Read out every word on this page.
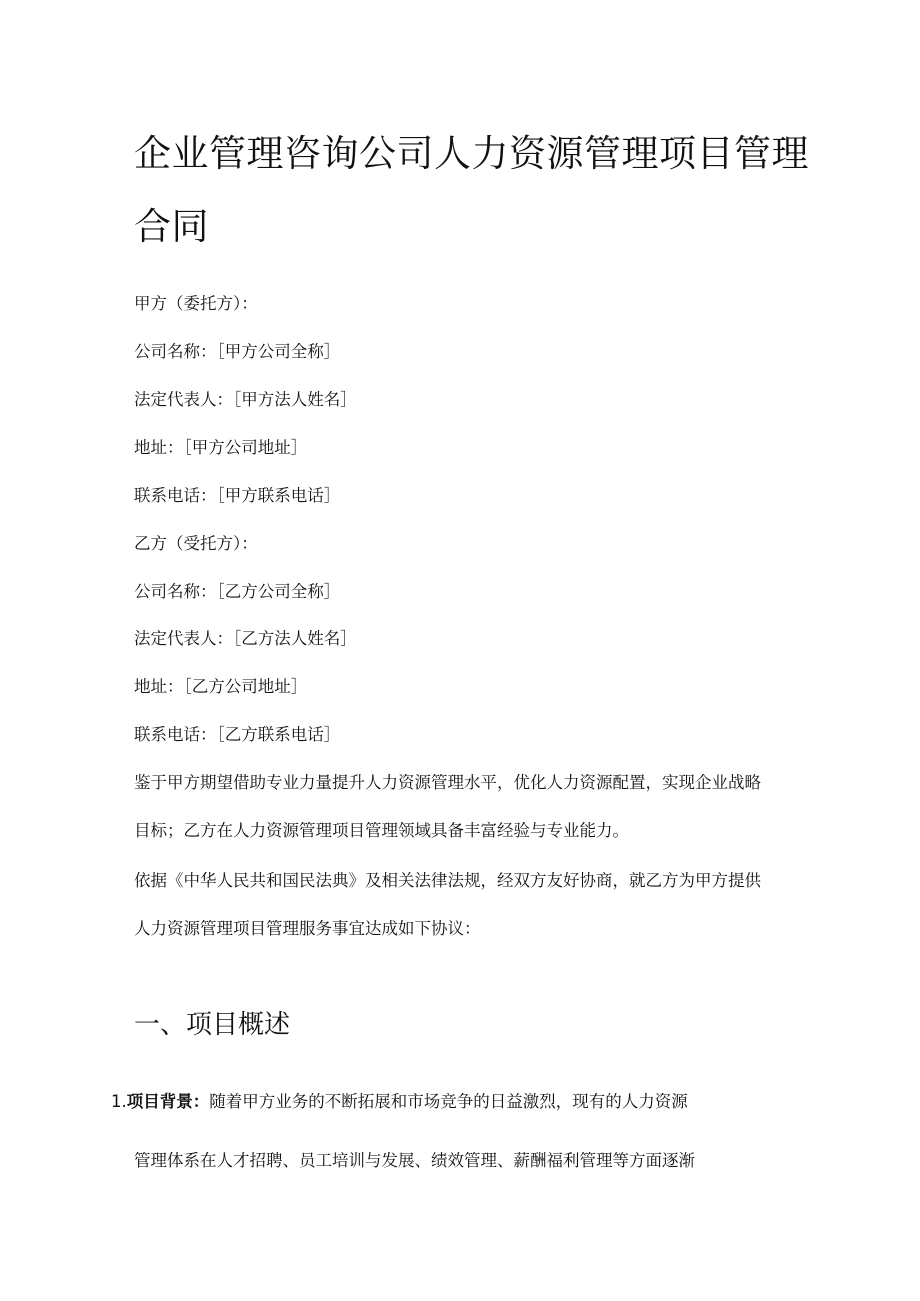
企业管理咨询公司人力资源管理项目管理
合同
甲方（委托方）：
公司名称：［甲方公司全称］
法定代表人：［甲方法人姓名］
地址：［甲方公司地址］
联系电话：［甲方联系电话］
乙方（受托方）：
公司名称：［乙方公司全称］
法定代表人：［乙方法人姓名］
地址：［乙方公司地址］
联系电话：［乙方联系电话］
鉴于甲方期望借助专业力量提升人力资源管理水平，优化人力资源配置，实现企业战略
目标；乙方在人力资源管理项目管理领域具备丰富经验与专业能力。
依据《中华人民共和国民法典》及相关法律法规，经双方友好协商，就乙方为甲方提供
人力资源管理项目管理服务事宜达成如下协议：
一、项目概述
1.项目背景：随着甲方业务的不断拓展和市场竞争的日益激烈，现有的人力资源
管理体系在人才招聘、员工培训与发展、绩效管理、薪酬福利管理等方面逐渐
